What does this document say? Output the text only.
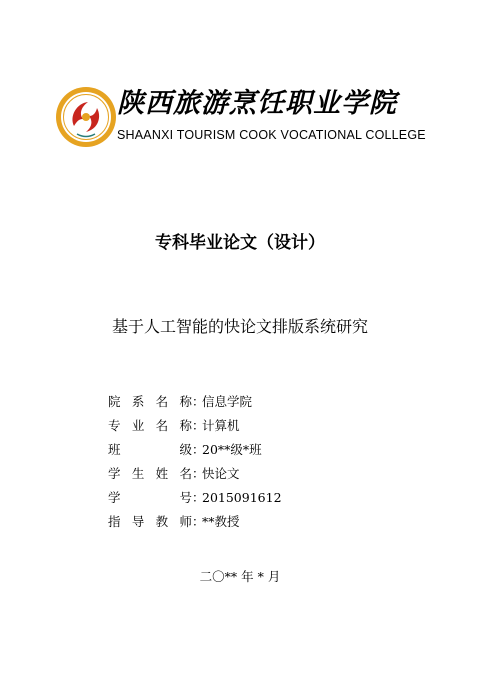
陕西旅游烹饪职业学院
SHAANXI TOURISM COOK VOCATIONAL COLLEGE
专科毕业论文（设计）
基于人工智能的快论文排版系统研究
院 系 名 称 ：
信息学院
专 业 名 称 ：
计算机
班	级 ：
20**级*班
学 生 姓 名 ：
快论文
学	号 ：
2015091612
指 导 教 师 ：
**教授
二〇** 年 * 月
